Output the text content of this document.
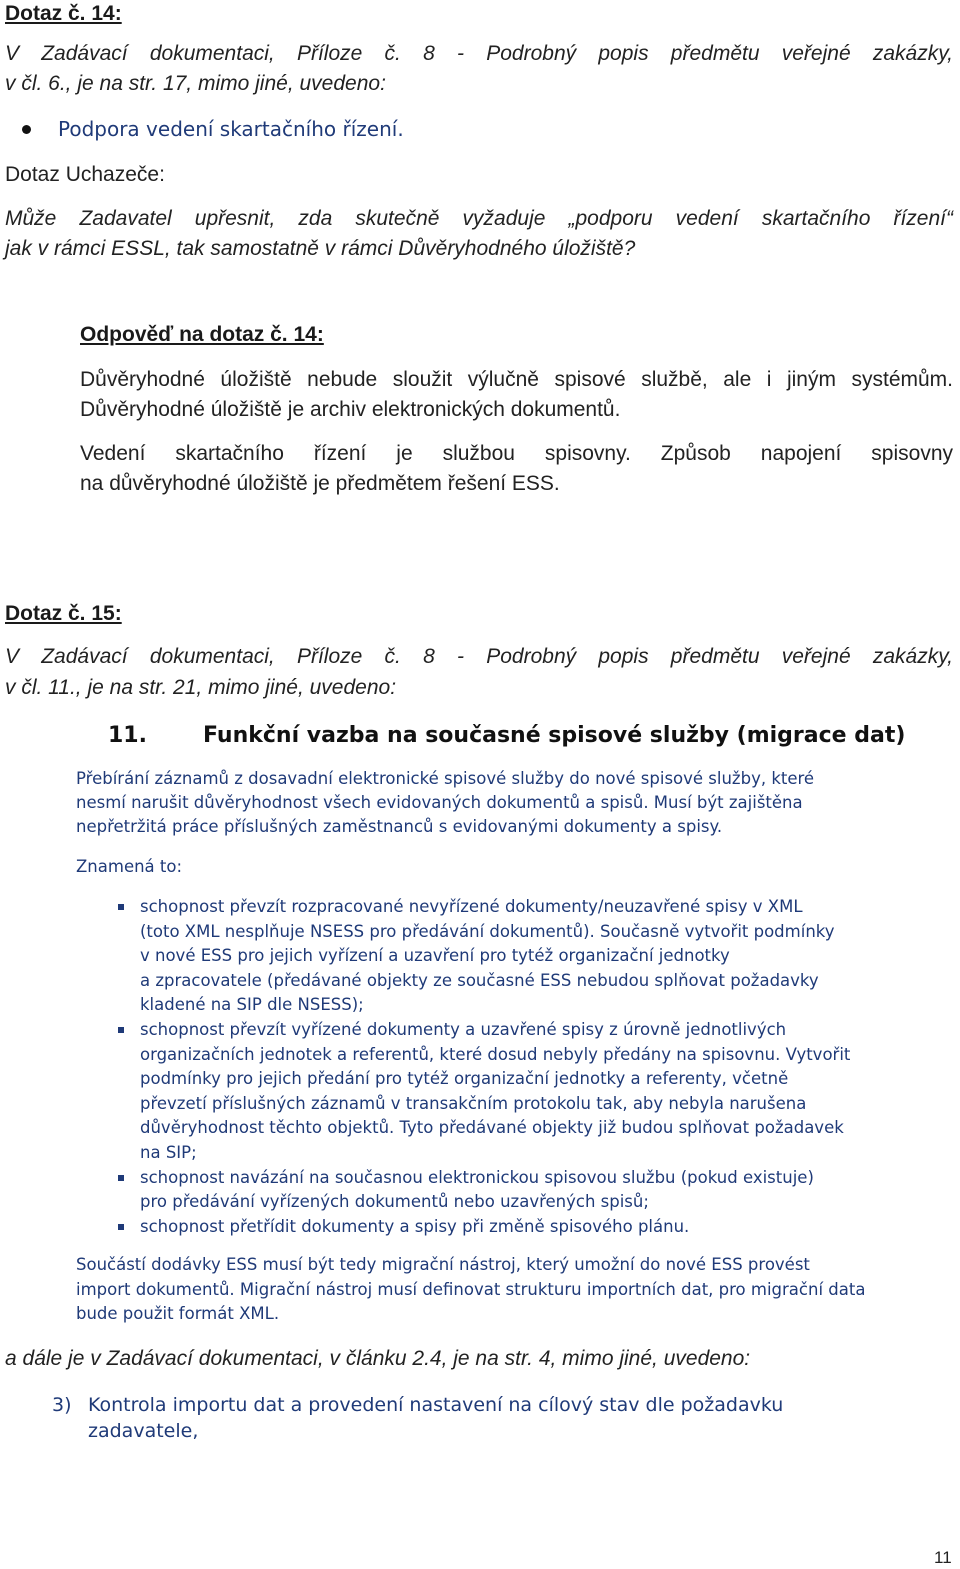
Dotaz č. 14:
V Zadávací dokumentaci, Příloze č. 8 - Podrobný popis předmětu veřejné zakázky,
v čl. 6., je na str. 17, mimo jiné, uvedeno:
Podpora vedení skartačního řízení.
Dotaz Uchazeče:
Může Zadavatel upřesnit, zda skutečně vyžaduje „podporu vedení skartačního řízení“
jak v rámci ESSL, tak samostatně v rámci Důvěryhodného úložiště?
Odpověď na dotaz č. 14:
Důvěryhodné úložiště nebude sloužit výlučně spisové službě, ale i jiným systémům.
Důvěryhodné úložiště je archiv elektronických dokumentů.
Vedení skartačního řízení je službou spisovny. Způsob napojení spisovny
na důvěryhodné úložiště je předmětem řešení ESS.
Dotaz č. 15:
V Zadávací dokumentaci, Příloze č. 8 - Podrobný popis předmětu veřejné zakázky,
v čl. 11., je na str. 21, mimo jiné, uvedeno:
11.	Funkční vazba na současné spisové služby (migrace dat)
Přebírání záznamů z dosavadní elektronické spisové služby do nové spisové služby, které
nesmí narušit důvěryhodnost všech evidovaných dokumentů a spisů. Musí být zajištěna
nepřetržitá práce příslušných zaměstnanců s evidovanými dokumenty a spisy.
Znamená to:
schopnost převzít rozpracované nevyřízené dokumenty/neuzavřené spisy v XML
(toto XML nesplňuje NSESS pro předávání dokumentů). Současně vytvořit podmínky
v nové ESS pro jejich vyřízení a uzavření pro tytéž organizační jednotky
a zpracovatele (předávané objekty ze současné ESS nebudou splňovat požadavky
kladené na SIP dle NSESS);
schopnost převzít vyřízené dokumenty a uzavřené spisy z úrovně jednotlivých
organizačních jednotek a referentů, které dosud nebyly předány na spisovnu. Vytvořit
podmínky pro jejich předání pro tytéž organizační jednotky a referenty, včetně
převzetí příslušných záznamů v transakčním protokolu tak, aby nebyla narušena
důvěryhodnost těchto objektů. Tyto předávané objekty již budou splňovat požadavek
na SIP;
schopnost navázání na současnou elektronickou spisovou službu (pokud existuje)
pro předávání vyřízených dokumentů nebo uzavřených spisů;
schopnost přetřídit dokumenty a spisy při změně spisového plánu.
Součástí dodávky ESS musí být tedy migrační nástroj, který umožní do nové ESS provést
import dokumentů. Migrační nástroj musí definovat strukturu importních dat, pro migrační data
bude použit formát XML.
a dále je v Zadávací dokumentaci, v článku 2.4, je na str. 4, mimo jiné, uvedeno:
3) Kontrola importu dat a provedení nastavení na cílový stav dle požadavku
zadavatele,
11
